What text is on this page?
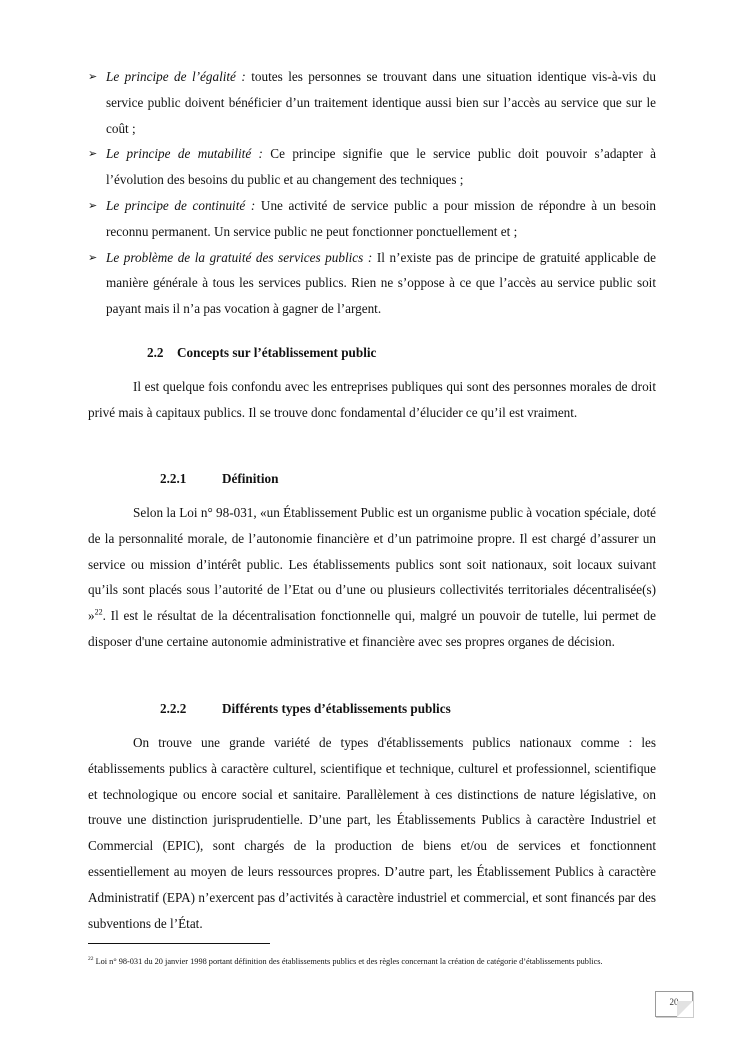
➢ Le principe de l’égalité : toutes les personnes se trouvant dans une situation identique vis-à-vis du service public doivent bénéficier d’un traitement identique aussi bien sur l’accès au service que sur le coût ;
➢ Le principe de mutabilité : Ce principe signifie que le service public doit pouvoir s’adapter à l’évolution des besoins du public et au changement des techniques ;
➢ Le principe de continuité : Une activité de service public a pour mission de répondre à un besoin reconnu permanent. Un service public ne peut fonctionner ponctuellement et ;
➢ Le problème de la gratuité des services publics : Il n’existe pas de principe de gratuité applicable de manière générale à tous les services publics. Rien ne s’oppose à ce que l’accès au service public soit payant mais il n’a pas vocation à gagner de l’argent.
2.2 Concepts sur l’établissement public

Il est quelque fois confondu avec les entreprises publiques qui sont des personnes morales de droit privé mais à capitaux publics. Il se trouve donc fondamental d’élucider ce qu’il est vraiment.

2.2.1	Définition

Selon la Loi n° 98-031, «un Établissement Public est un organisme public à vocation spéciale, doté de la personnalité morale, de l’autonomie financière et d’un patrimoine propre. Il est chargé d’assurer un service ou mission d’intérêt public. Les établissements publics sont soit nationaux, soit locaux suivant qu’ils sont placés sous l’autorité de l’Etat ou d’une ou plusieurs collectivités territoriales décentralisée(s) »$^{22}$. Il est le résultat de la décentralisation fonctionnelle qui, malgré un pouvoir de tutelle, lui permet de disposer d'une certaine autonomie administrative et financière avec ses propres organes de décision.

2.2.2	Différents types d’établissements publics

On trouve une grande variété de types d'établissements publics nationaux comme : les établissements publics à caractère culturel, scientifique et technique, culturel et professionnel, scientifique et technologique ou encore social et sanitaire. Parallèlement à ces distinctions de nature législative, on trouve une distinction jurisprudentielle. D’une part, les Établissements Publics à caractère Industriel et Commercial (EPIC), sont chargés de la production de biens et/ou de services et fonctionnent essentiellement au moyen de leurs ressources propres. D’autre part, les Établissement Publics à caractère Administratif (EPA) n’exercent pas d’activités à caractère industriel et commercial, et sont financés par des subventions de l’État.

$^{22}$ Loi n° 98-031 du 20 janvier 1998 portant définition des établissements publics et des règles concernant la création de catégorie d’établissements publics.
20
